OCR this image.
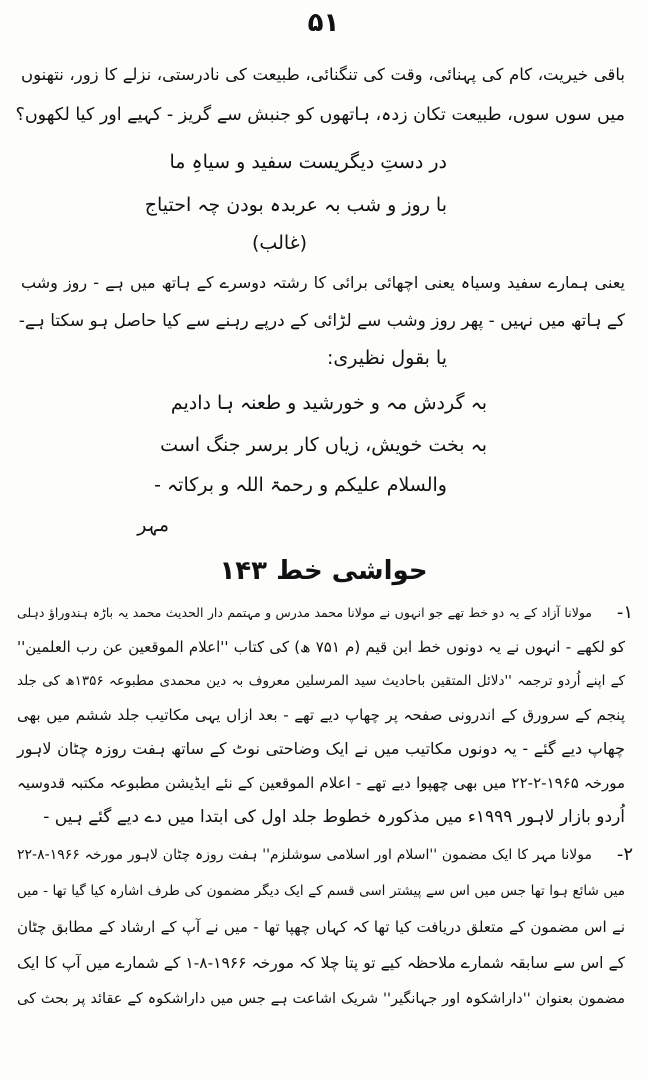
۵۱
باقی خیریت، کام کی پہنائی، وقت کی تنگنائی، طبیعت کی نادرستی، نزلے کا زور، نتھنوں
میں سوں سوں، طبیعت تکان زدہ، ہاتھوں کو جنبش سے گریز - کہیے اور کیا لکھوں؟
در دستِ دیگریست سفید و سیاہِ ما
با روز و شب بہ عربدہ بودن چہ احتیاج
(غالب)
یعنی ہمارے سفید وسیاہ یعنی اچھائی برائی کا رشتہ دوسرے کے ہاتھ میں ہے - روز وشب
کے ہاتھ میں نہیں - پھر روز وشب سے لڑائی کے درپے رہنے سے کیا حاصل ہو سکتا ہے-
یا بقول نظیری:
بہ گردش مہ و خورشید و طعنہ ہا دادیم
بہ بخت خویش، زیاں کار برسر جنگ است
والسلام علیکم و رحمۃ اللہ و برکاتہ -
مہر
حواشی خط ۱۴۳
-۱
مولانا آزاد کے یہ دو خط تھے جو انہوں نے مولانا محمد مدرس و مہتمم دار الحدیث محمد یہ باڑہ ہندوراؤ دہلی
کو لکھے - انہوں نے یہ دونوں خط ابن قیم (م ۷۵۱ ھ) کی کتاب ''اعلام الموقعین عن رب العلمین''
کے اپنے اُردو ترجمہ ''دلائل المتقین باحادیث سید المرسلین معروف بہ دین محمدی مطبوعہ ۱۳۵۶ھ کی جلد
پنجم کے سرورق کے اندرونی صفحہ پر چھاپ دیے تھے - بعد ازاں یہی مکاتیب جلد ششم میں بھی
چھاپ دیے گئے - یہ دونوں مکاتیب میں نے ایک وضاحتی نوٹ کے ساتھ ہفت روزہ چٹان لاہور
مورخہ ۱۹۶۵-۲-۲۲ میں بھی چھپوا دیے تھے - اعلام الموقعین کے نئے ایڈیشن مطبوعہ مکتبہ قدوسیہ
اُردو بازار لاہور ۱۹۹۹ء میں مذکورہ خطوط جلد اول کی ابتدا میں دے دیے گئے ہیں -
-۲
مولانا مہر کا ایک مضمون ''اسلام اور اسلامی سوشلزم'' ہفت روزہ چٹان لاہور مورخہ ۱۹۶۶-۸-۲۲
میں شائع ہوا تھا جس میں اس سے پیشتر اسی قسم کے ایک دیگر مضمون کی طرف اشارہ کیا گیا تھا - میں
نے اس مضمون کے متعلق دریافت کیا تھا کہ کہاں چھپا تھا - میں نے آپ کے ارشاد کے مطابق چٹان
کے اس سے سابقہ شمارے ملاحظہ کیے تو پتا چلا کہ مورخہ ۱۹۶۶-۸-۱ کے شمارے میں آپ کا ایک
مضمون بعنوان ''داراشکوہ اور جہانگیر'' شریک اشاعت ہے جس میں داراشکوہ کے عقائد پر بحث کی
